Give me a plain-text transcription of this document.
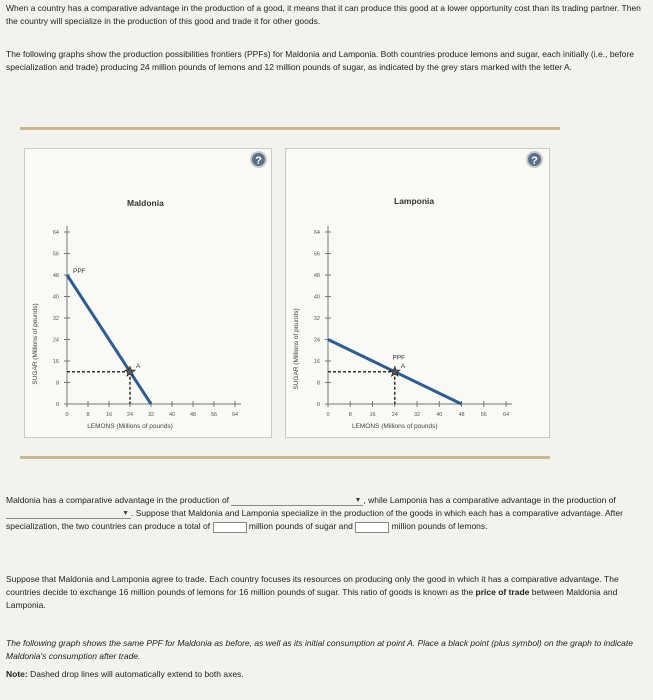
When a country has a comparative advantage in the production of a good, it means that it can produce this good at a lower opportunity cost than its trading partner. Then the country will specialize in the production of this good and trade it for other goods.

The following graphs show the production possibilities frontiers (PPFs) for Maldonia and Lamponia. Both countries produce lemons and sugar, each initially (i.e., before specialization and trade) producing 24 million pounds of lemons and 12 million pounds of sugar, as indicated by the grey stars marked with the letter A.

?
Maldonia
0
8
16
24
32
40
48
56
64
0	8	16	24	32	40	48	56	64
SUGAR (Millions of pounds)
LEMONS (Millions of pounds)
PPF
A
?
Lamponia
0
8
16
24
32
40
48
56
64
0	8	16	24	32	40	48	56	64
SUGAR (Millions of pounds)
LEMONS (Millions of pounds)
PPF
A

Maldonia has a comparative advantage in the production of	▼ , while Lamponia has a comparative advantage in the production of
▼ . Suppose that Maldonia and Lamponia specialize in the production of the goods in which each has a comparative advantage. After specialization, the two countries can produce a total of	million pounds of sugar and	million pounds of lemons.

Suppose that Maldonia and Lamponia agree to trade. Each country focuses its resources on producing only the good in which it has a comparative advantage. The countries decide to exchange 16 million pounds of lemons for 16 million pounds of sugar. This ratio of goods is known as the price of trade between Maldonia and Lamponia.

The following graph shows the same PPF for Maldonia as before, as well as its initial consumption at point A. Place a black point (plus symbol) on the graph to indicate Maldonia's consumption after trade.

Note: Dashed drop lines will automatically extend to both axes.
